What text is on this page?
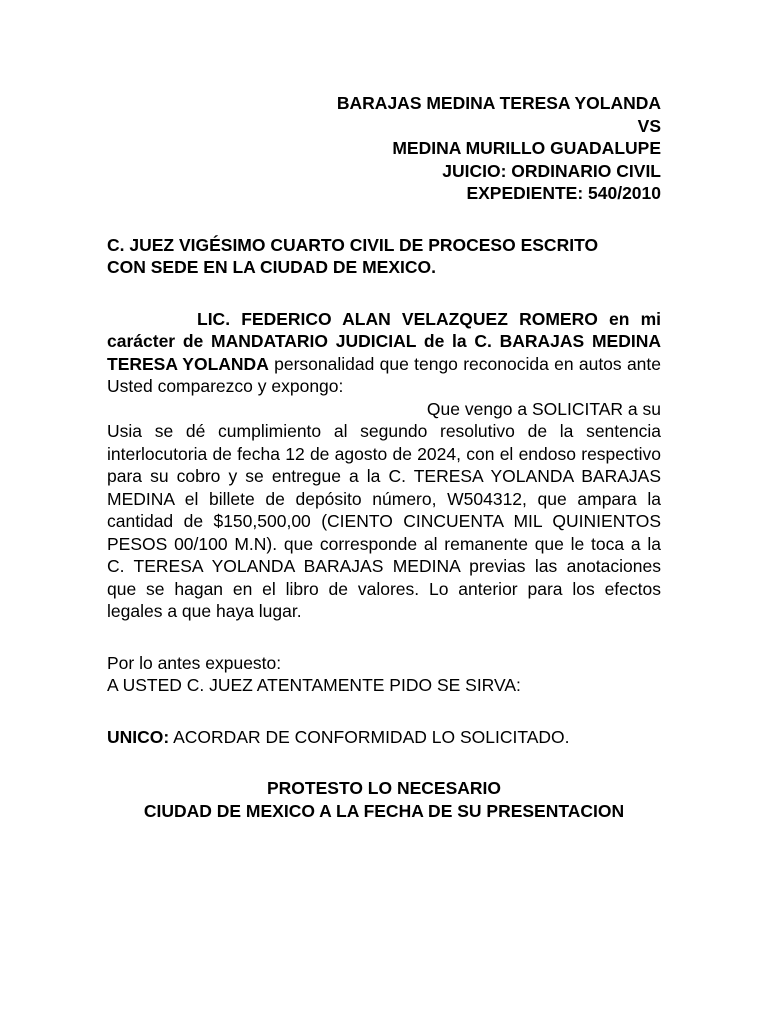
BARAJAS MEDINA TERESA YOLANDA
VS
MEDINA MURILLO GUADALUPE
JUICIO: ORDINARIO CIVIL
EXPEDIENTE: 540/2010
C. JUEZ VIGÉSIMO CUARTO CIVIL DE PROCESO ESCRITO
CON SEDE EN LA CIUDAD DE MEXICO.
LIC. FEDERICO ALAN VELAZQUEZ ROMERO en mi carácter de MANDATARIO JUDICIAL de la C. BARAJAS MEDINA TERESA YOLANDA personalidad que tengo reconocida en autos ante Usted comparezco y expongo:
Que vengo a SOLICITAR a su
Usia se dé cumplimiento al segundo resolutivo de la sentencia interlocutoria de fecha 12 de agosto de 2024, con el endoso respectivo para su cobro y se entregue a la C. TERESA YOLANDA BARAJAS MEDINA el billete de depósito número, W504312, que ampara la cantidad de $150,500,00 (CIENTO CINCUENTA MIL QUINIENTOS PESOS 00/100 M.N). que corresponde al remanente que le toca a la C. TERESA YOLANDA BARAJAS MEDINA previas las anotaciones que se hagan en el libro de valores. Lo anterior para los efectos legales a que haya lugar.
Por lo antes expuesto:
A USTED C. JUEZ ATENTAMENTE PIDO SE SIRVA:
UNICO: ACORDAR DE CONFORMIDAD LO SOLICITADO.
PROTESTO LO NECESARIO
CIUDAD DE MEXICO A LA FECHA DE SU PRESENTACION
